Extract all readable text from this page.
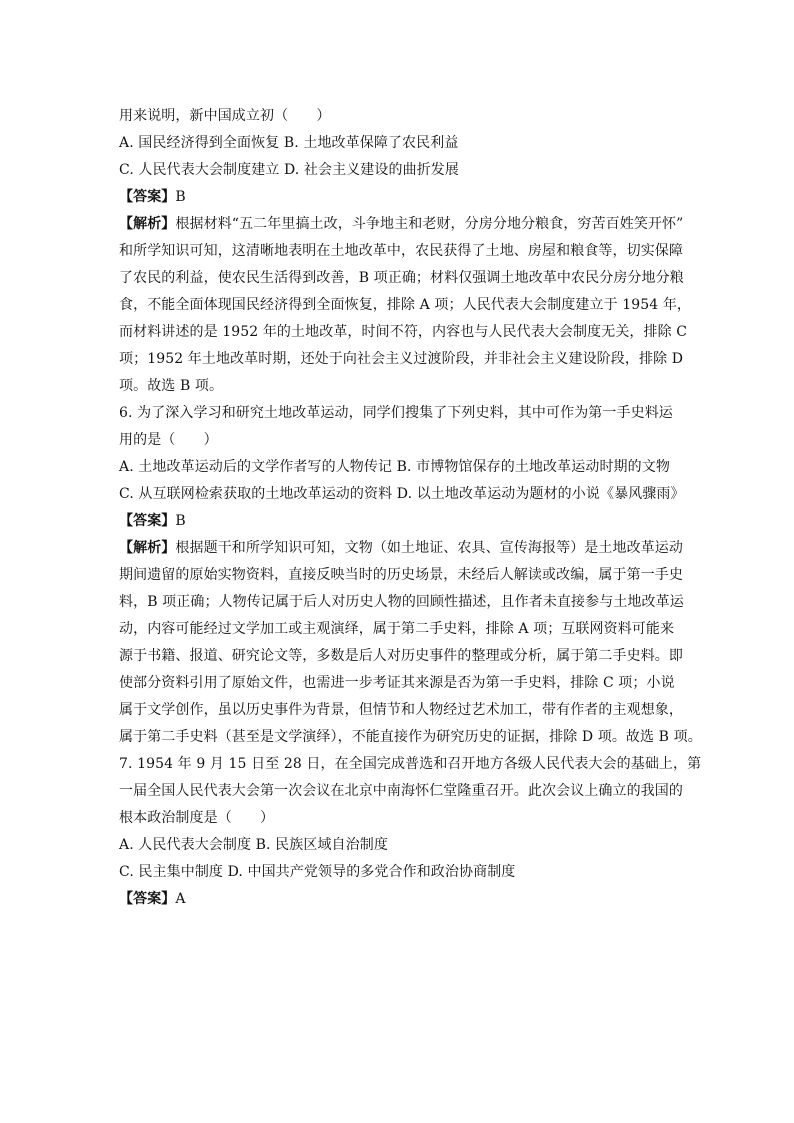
用来说明，新中国成立初（　　）
A. 国民经济得到全面恢复 B. 土地改革保障了农民利益
C. 人民代表大会制度建立 D. 社会主义建设的曲折发展
【答案】B
【解析】根据材料“五二年里搞土改，斗争地主和老财，分房分地分粮食，穷苦百姓笑开怀”
和所学知识可知，这清晰地表明在土地改革中，农民获得了土地、房屋和粮食等，切实保障
了农民的利益，使农民生活得到改善，B 项正确；材料仅强调土地改革中农民分房分地分粮
食，不能全面体现国民经济得到全面恢复，排除 A 项；人民代表大会制度建立于 1954 年，
而材料讲述的是 1952 年的土地改革，时间不符，内容也与人民代表大会制度无关，排除 C
项；1952 年土地改革时期，还处于向社会主义过渡阶段，并非社会主义建设阶段，排除 D
项。故选 B 项。
6. 为了深入学习和研究土地改革运动，同学们搜集了下列史料，其中可作为第一手史料运
用的是（　　）
A. 土地改革运动后的文学作者写的人物传记 B. 市博物馆保存的土地改革运动时期的文物
C. 从互联网检索获取的土地改革运动的资料 D. 以土地改革运动为题材的小说《暴风骤雨》
【答案】B
【解析】根据题干和所学知识可知，文物（如土地证、农具、宣传海报等）是土地改革运动
期间遗留的原始实物资料，直接反映当时的历史场景，未经后人解读或改编，属于第一手史
料，B 项正确；人物传记属于后人对历史人物的回顾性描述，且作者未直接参与土地改革运
动，内容可能经过文学加工或主观演绎，属于第二手史料，排除 A 项；互联网资料可能来
源于书籍、报道、研究论文等，多数是后人对历史事件的整理或分析，属于第二手史料。即
使部分资料引用了原始文件，也需进一步考证其来源是否为第一手史料，排除 C 项；小说
属于文学创作，虽以历史事件为背景，但情节和人物经过艺术加工，带有作者的主观想象，
属于第二手史料（甚至是文学演绎），不能直接作为研究历史的证据，排除 D 项。故选 B 项。
7. 1954 年 9 月 15 日至 28 日，在全国完成普选和召开地方各级人民代表大会的基础上，第
一届全国人民代表大会第一次会议在北京中南海怀仁堂隆重召开。此次会议上确立的我国的
根本政治制度是（　　）
A. 人民代表大会制度 B. 民族区域自治制度
C. 民主集中制度 D. 中国共产党领导的多党合作和政治协商制度
【答案】A
